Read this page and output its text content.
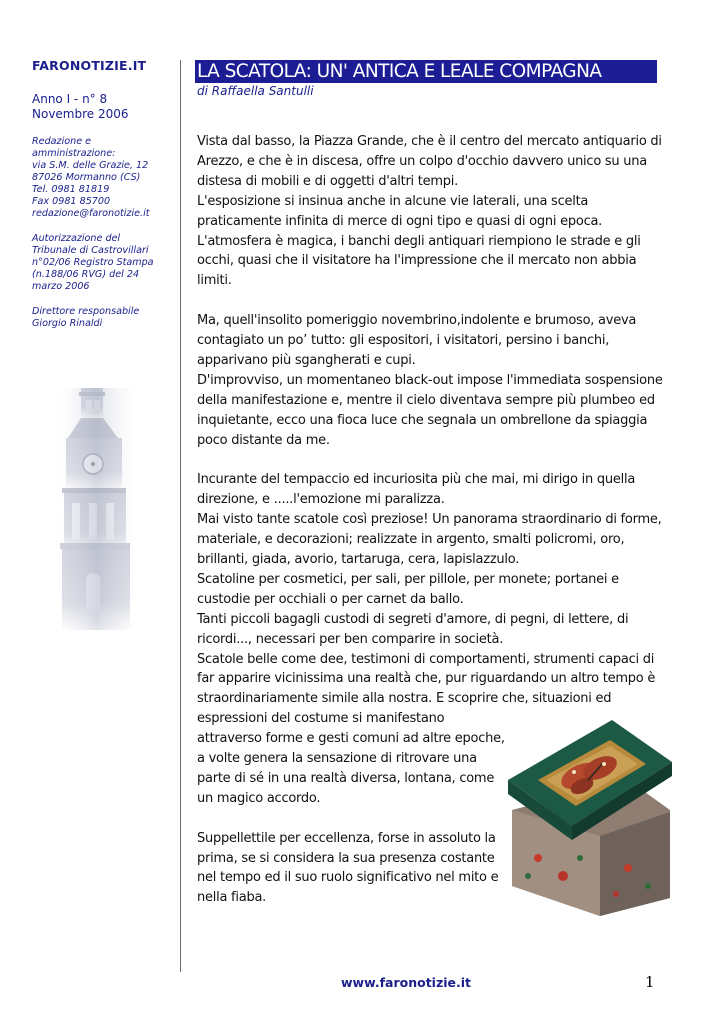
FARONOTIZIE.IT
Anno I - n° 8
Novembre 2006
Redazione e
amministrazione:
via S.M. delle Grazie, 12
87026 Mormanno (CS)
Tel. 0981 81819
Fax 0981 85700
redazione@faronotizie.it
Autorizzazione del
Tribunale di Castrovillari
n°02/06 Registro Stampa
(n.188/06 RVG) del 24
marzo 2006
Direttore responsabile
Giorgio Rinaldi
LA SCATOLA: UN' ANTICA E LEALE COMPAGNA
di Raffaella Santulli

Vista dal basso, la Piazza Grande, che è il centro del mercato antiquario di
Arezzo, e che è in discesa, offre un colpo d'occhio davvero unico su una
distesa di mobili e di oggetti d'altri tempi.
L'esposizione si insinua anche in alcune vie laterali, una scelta
praticamente infinita di merce di ogni tipo e quasi di ogni epoca.
L'atmosfera è magica, i banchi degli antiquari riempiono le strade e gli
occhi, quasi che il visitatore ha l'impressione che il mercato non abbia
limiti.

Ma, quell'insolito pomeriggio novembrino,indolente e brumoso, aveva
contagiato un po’ tutto: gli espositori, i visitatori, persino i banchi,
apparivano più sgangherati e cupi.
D'improvviso, un momentaneo black-out impose l'immediata sospensione
della manifestazione e, mentre il cielo diventava sempre più plumbeo ed
inquietante, ecco una fioca luce che segnala un ombrellone da spiaggia
poco distante da me.

Incurante del tempaccio ed incuriosita più che mai, mi dirigo in quella
direzione, e .....l'emozione mi paralizza.
Mai visto tante scatole così preziose! Un panorama straordinario di forme,
materiale, e decorazioni; realizzate in argento, smalti policromi, oro,
brillanti, giada, avorio, tartaruga, cera, lapislazzulo.
Scatoline per cosmetici, per sali, per pillole, per monete; portanei e
custodie per occhiali o per carnet da ballo.
Tanti piccoli bagagli custodi di segreti d'amore, di pegni, di lettere, di
ricordi..., necessari per ben comparire in società.
Scatole belle come dee, testimoni di comportamenti, strumenti capaci di
far apparire vicinissima una realtà che, pur riguardando un altro tempo è
straordinariamente simile alla nostra. E scoprire che, situazioni ed
espressioni del costume si manifestano
attraverso forme e gesti comuni ad altre epoche,
a volte genera la sensazione di ritrovare una
parte di sé in una realtà diversa, lontana, come
un magico accordo.

Suppellettile per eccellenza, forse in assoluto la
prima, se si considera la sua presenza costante
nel tempo ed il suo ruolo significativo nel mito e
nella fiaba.

www.faronotizie.it	1
